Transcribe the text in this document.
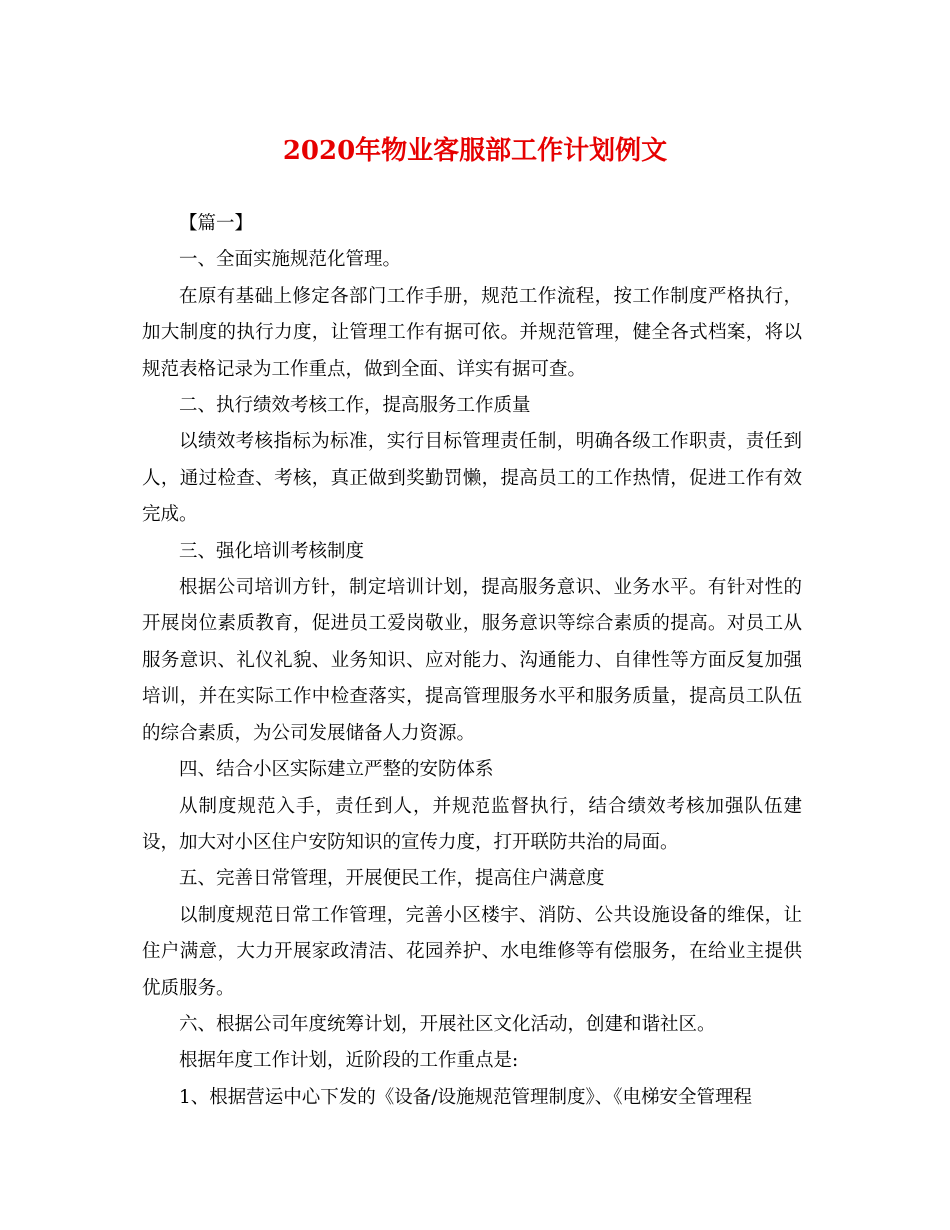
2020年物业客服部工作计划例文

【篇一】

一、全面实施规范化管理。

在原有基础上修定各部门工作手册，规范工作流程，按工作制度严格执行，加大制度的执行力度，让管理工作有据可依。并规范管理，健全各式档案，将以规范表格记录为工作重点，做到全面、详实有据可查。

二、执行绩效考核工作，提高服务工作质量

以绩效考核指标为标准，实行目标管理责任制，明确各级工作职责，责任到人，通过检查、考核，真正做到奖勤罚懒，提高员工的工作热情，促进工作有效完成。

三、强化培训考核制度

根据公司培训方针，制定培训计划，提高服务意识、业务水平。有针对性的开展岗位素质教育，促进员工爱岗敬业，服务意识等综合素质的提高。对员工从服务意识、礼仪礼貌、业务知识、应对能力、沟通能力、自律性等方面反复加强培训，并在实际工作中检查落实，提高管理服务水平和服务质量，提高员工队伍的综合素质，为公司发展储备人力资源。

四、结合小区实际建立严整的安防体系

从制度规范入手，责任到人，并规范监督执行，结合绩效考核加强队伍建设，加大对小区住户安防知识的宣传力度，打开联防共治的局面。

五、完善日常管理，开展便民工作，提高住户满意度

以制度规范日常工作管理，完善小区楼宇、消防、公共设施设备的维保，让住户满意，大力开展家政清洁、花园养护、水电维修等有偿服务，在给业主提供优质服务。

六、根据公司年度统筹计划，开展社区文化活动，创建和谐社区。

根据年度工作计划，近阶段的工作重点是:

1、根据营运中心下发的《设备/设施规范管理制度》、《电梯安全管理程
